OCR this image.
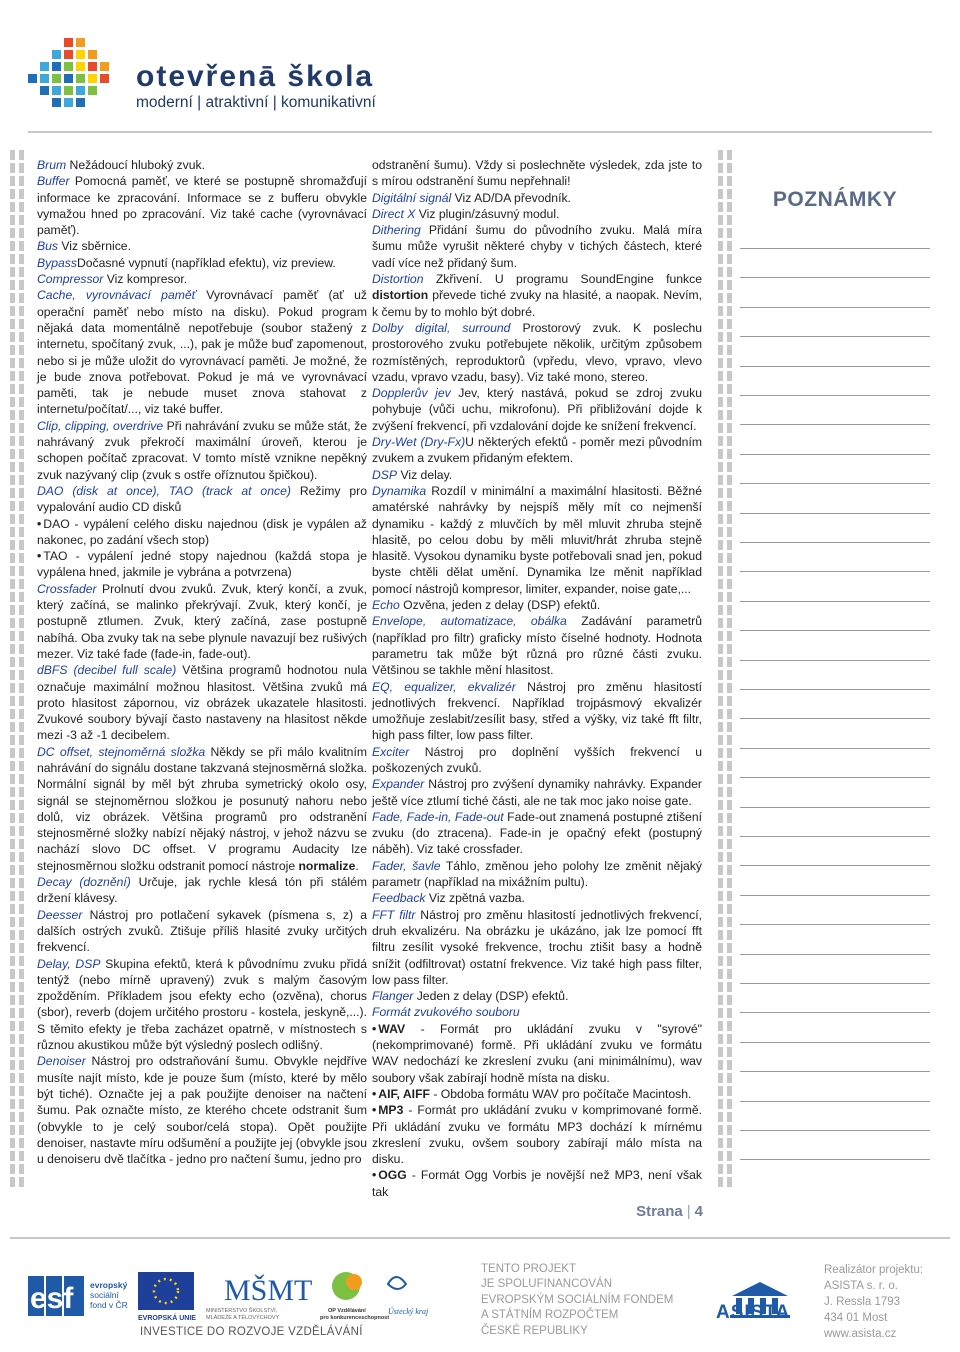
otevřenā škola
moderní | atraktivní | komunikativní

Brum Nežádoucí hluboký zvuk.

Buffer Pomocná paměť, ve které se postupně shromažďují informace ke zpracování. Informace se z bufferu obvykle vymažou hned po zpracování. Viz také cache (vyrovnávací paměť).

Bus Viz sběrnice.

BypassDočasné vypnutí (například efektu), viz preview.

Compressor Viz kompresor.

Cache, vyrovnávací paměť Vyrovnávací paměť (ať už operační paměť nebo místo na disku). Pokud program nějaká data momentálně nepotřebuje (soubor stažený z internetu, spočítaný zvuk, ...), pak je může buď zapomenout, nebo si je může uložit do vyrovnávací paměti. Je možné, že je bude znova potřebovat. Pokud je má ve vyrovnávací paměti, tak je nebude muset znova stahovat z internetu/počítat/..., viz také buffer.

Clip, clipping, overdrive Při nahrávání zvuku se může stát, že nahrávaný zvuk překročí maximální úroveň, kterou je schopen počítač zpracovat. V tomto místě vznikne nepěkný zvuk nazývaný clip (zvuk s ostře oříznutou špičkou).

DAO (disk at once), TAO (track at once) Režimy pro vypalování audio CD disků

• DAO - vypálení celého disku najednou (disk je vypálen až nakonec, po zadání všech stop)

• TAO - vypálení jedné stopy najednou (každá stopa je vypálena hned, jakmile je vybrána a potvrzena)

Crossfader Prolnutí dvou zvuků. Zvuk, který končí, a zvuk, který začíná, se malinko překrývají. Zvuk, který končí, je postupně ztlumen. Zvuk, který začíná, zase postupně nabíhá. Oba zvuky tak na sebe plynule navazují bez rušivých mezer. Viz také fade (fade-in, fade-out).

dBFS (decibel full scale) Většina programů hodnotou nula označuje maximální možnou hlasitost. Většina zvuků má proto hlasitost zápornou, viz obrázek ukazatele hlasitosti. Zvukové soubory bývají často nastaveny na hlasitost někde mezi -3 až -1 decibelem.

DC offset, stejnoměrná složka Někdy se při málo kvalitním nahrávání do signálu dostane takzvaná stejnosměrná složka. Normální signál by měl být zhruba symetrický okolo osy, signál se stejnoměrnou složkou je posunutý nahoru nebo dolů, viz obrázek. Většina programů pro odstranění stejnosměrné složky nabízí nějaký nástroj, v jehož názvu se nachází slovo DC offset. V programu Audacity lze stejnosměrnou složku odstranit pomocí nástroje normalize.

Decay (doznění) Určuje, jak rychle klesá tón při stálém držení klávesy.

Deesser Nástroj pro potlačení sykavek (písmena s, z) a dalších ostrých zvuků. Ztišuje příliš hlasité zvuky určitých frekvencí.

Delay, DSP Skupina efektů, která k původnímu zvuku přidá tentýž (nebo mírně upravený) zvuk s malým časovým zpožděním. Příkladem jsou efekty echo (ozvěna), chorus (sbor), reverb (dojem určitého prostoru - kostela, jeskyně,...). S těmito efekty je třeba zacházet opatrně, v místnostech s různou akustikou může být výsledný poslech odlišný.

Denoiser Nástroj pro odstraňování šumu. Obvykle nejdříve musíte najít místo, kde je pouze šum (místo, které by mělo být tiché). Označte jej a pak použijte denoiser na načtení šumu. Pak označte místo, ze kterého chcete odstranit šum (obvykle to je celý soubor/celá stopa). Opět použijte denoiser, nastavte míru odšumění a použijte jej (obvykle jsou u denoiseru dvě tlačítka - jedno pro načtení šumu, jedno pro

odstranění šumu). Vždy si poslechněte výsledek, zda jste to s mírou odstranění šumu nepřehnali!

Digitální signál Viz AD/DA převodník.

Direct X Viz plugin/zásuvný modul.

Dithering Přidání šumu do původního zvuku. Malá míra šumu může vyrušit některé chyby v tichých částech, které vadí více než přidaný šum.

Distortion Zkřivení. U programu SoundEngine funkce distortion převede tiché zvuky na hlasité, a naopak. Nevím, k čemu by to mohlo být dobré.

Dolby digital, surround Prostorový zvuk. K poslechu prostorového zvuku potřebujete několik, určitým způsobem rozmístěných, reproduktorů (vpředu, vlevo, vpravo, vlevo vzadu, vpravo vzadu, basy). Viz také mono, stereo.

Dopplerův jev Jev, který nastává, pokud se zdroj zvuku pohybuje (vůči uchu, mikrofonu). Při přibližování dojde k zvýšení frekvencí, při vzdalování dojde ke snížení frekvencí.

Dry-Wet (Dry-Fx)U některých efektů - poměr mezi původním zvukem a zvukem přidaným efektem.

DSP Viz delay.

Dynamika Rozdíl v minimální a maximální hlasitosti. Běžné amatérské nahrávky by nejspíš měly mít co nejmenší dynamiku - každý z mluvčích by měl mluvit zhruba stejně hlasitě, po celou dobu by měli mluvit/hrát zhruba stejně hlasitě. Vysokou dynamiku byste potřebovali snad jen, pokud byste chtěli dělat umění. Dynamika lze měnit například pomocí nástrojů kompresor, limiter, expander, noise gate,...

Echo Ozvěna, jeden z delay (DSP) efektů.

Envelope, automatizace, obálka Zadávání parametrů (například pro filtr) graficky místo číselné hodnoty. Hodnota parametru tak může být různá pro různé části zvuku. Většinou se takhle mění hlasitost.

EQ, equalizer, ekvalizér Nástroj pro změnu hlasitostí jednotlivých frekvencí. Například trojpásmový ekvalizér umožňuje zeslabit/zesílit basy, střed a výšky, viz také fft filtr, high pass filter, low pass filter.

Exciter Nástroj pro doplnění vyšších frekvencí u poškozených zvuků.

Expander Nástroj pro zvýšení dynamiky nahrávky. Expander ještě více ztlumí tiché části, ale ne tak moc jako noise gate.

Fade, Fade-in, Fade-out Fade-out znamená postupné ztišení zvuku (do ztracena). Fade-in je opačný efekt (postupný náběh). Viz také crossfader.

Fader, šavle Táhlo, změnou jeho polohy lze změnit nějaký parametr (například na mixážním pultu).

Feedback Viz zpětná vazba.

FFT filtr Nástroj pro změnu hlasitostí jednotlivých frekvencí, druh ekvalizéru. Na obrázku je ukázáno, jak lze pomocí fft filtru zesílit vysoké frekvence, trochu ztišit basy a hodně snížit (odfiltrovat) ostatní frekvence. Viz také high pass filter, low pass filter.

Flanger Jeden z delay (DSP) efektů.

Formát zvukového souboru

• WAV - Formát pro ukládání zvuku v "syrové" (nekomprimované) formě. Při ukládání zvuku ve formátu WAV nedochází ke zkreslení zvuku (ani minimálnímu), wav soubory však zabírají hodně místa na disku.

• AIF, AIFF - Obdoba formátu WAV pro počítače Macintosh.

• MP3 - Formát pro ukládání zvuku v komprimované formě. Při ukládání zvuku ve formátu MP3 dochází k mírnému zkreslení zvuku, ovšem soubory zabírají málo místa na disku.

• OGG - Formát Ogg Vorbis je novější než MP3, není však tak

POZNÁMKY
Strana | 4
esf evropský
sociální
fond v ČR
EVROPSKÁ UNIE
MŠMT
MINISTERSTVO ŠKOLSTVÍ,
MLÁDEŽE A TĚLOVÝCHOVY
OP Vzdělávání
pro konkurenceschopnost
Ústecký kraj
INVESTICE DO ROZVOJE VZDĚLÁVÁNÍ
TENTO PROJEKT
JE SPOLUFINANCOVÁN
EVROPSKÝM SOCIÁLNÍM FONDEM
A STÁTNÍM ROZPOČTEM
ČESKÉ REPUBLIKY
ASISTA
Realizátor projektu:
ASISTA s. r. o.
J. Ressla 1793
434 01 Most
www.asista.cz
